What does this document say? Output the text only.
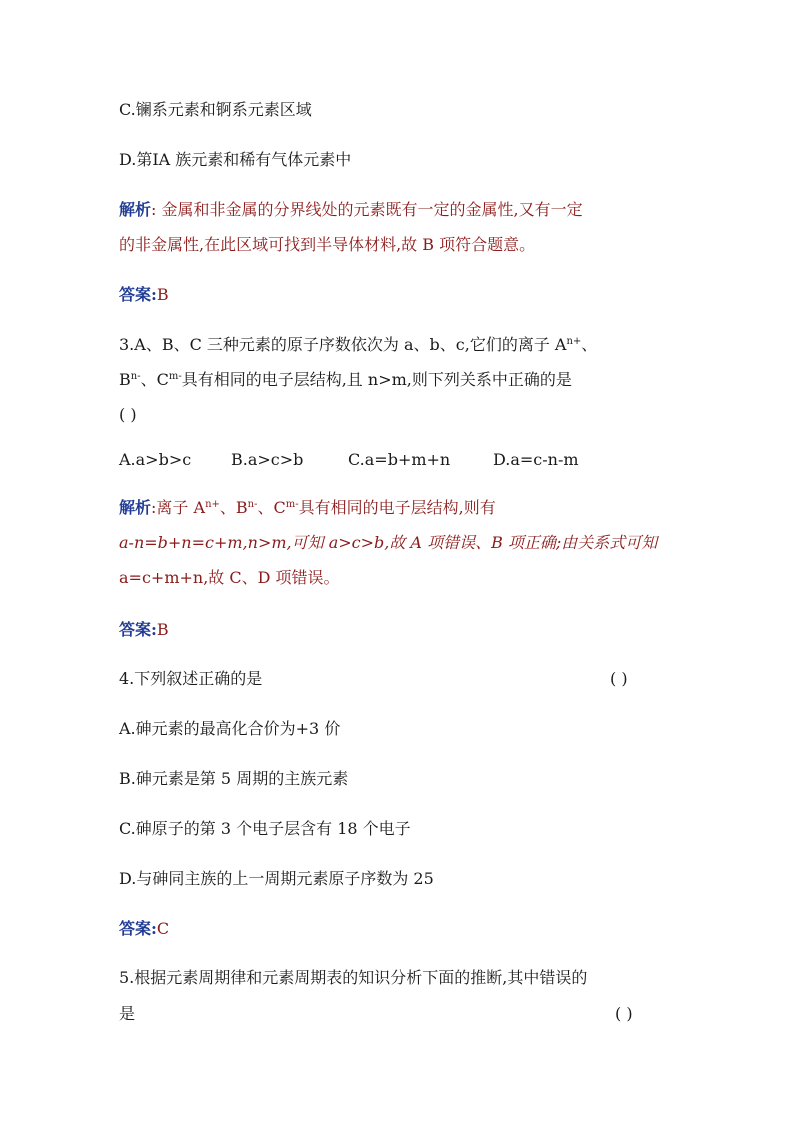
C.镧系元素和锕系元素区域
D.第ⅠA 族元素和稀有气体元素中
解析: 金属和非金属的分界线处的元素既有一定的金属性,又有一定
的非金属性,在此区域可找到半导体材料,故 B 项符合题意。
答案:B
3.A、B、C 三种元素的原子序数依次为 a、b、c,它们的离子 $A^{n+}$、
$B^{n-}$、$C^{m-}$具有相同的电子层结构,且 n>m,则下列关系中正确的是
( )
A.a>b>c B.a>c>b	C.a=b+m+n	D.a=c-n-m
解析:离子 $A^{n+}$、$B^{n-}$、$C^{m-}$具有相同的电子层结构,则有
a-n=b+n=c+m,n>m,可知 a>c>b,故 A 项错误、B 项正确;由关系式可知
a=c+m+n,故 C、D 项错误。
答案:B
4.下列叙述正确的是	( )
A.砷元素的最高化合价为+3 价
B.砷元素是第 5 周期的主族元素
C.砷原子的第 3 个电子层含有 18 个电子
D.与砷同主族的上一周期元素原子序数为 25
答案:C
5.根据元素周期律和元素周期表的知识分析下面的推断,其中错误的
是	( )
